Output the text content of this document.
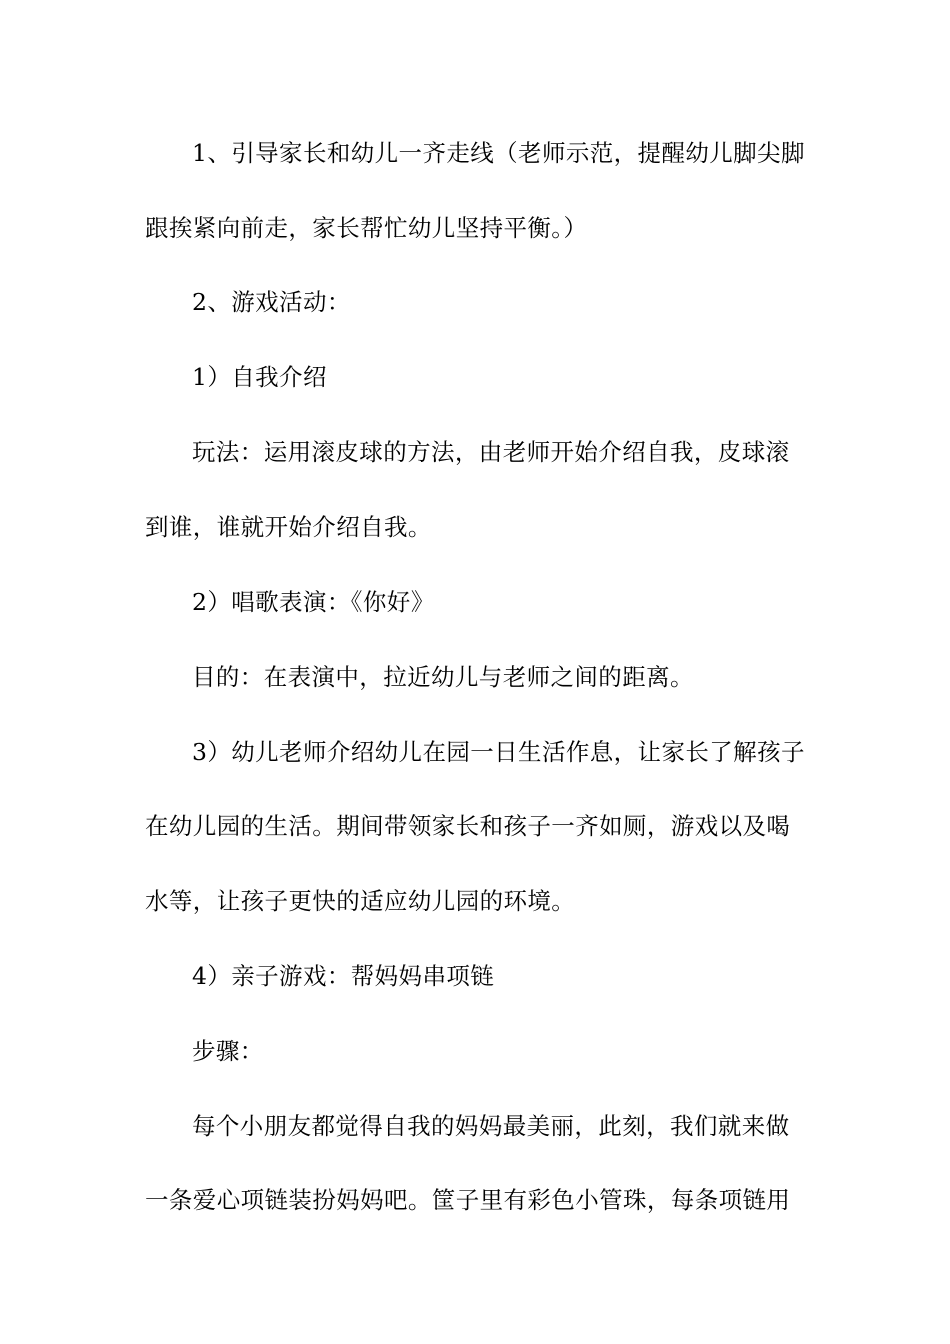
1、引导家长和幼儿一齐走线（老师示范，提醒幼儿脚尖脚
跟挨紧向前走，家长帮忙幼儿坚持平衡。）
2、游戏活动：
1）自我介绍
玩法：运用滚皮球的方法，由老师开始介绍自我，皮球滚
到谁，谁就开始介绍自我。
2）唱歌表演：《你好》
目的：在表演中，拉近幼儿与老师之间的距离。
3）幼儿老师介绍幼儿在园一日生活作息，让家长了解孩子
在幼儿园的生活。期间带领家长和孩子一齐如厕，游戏以及喝
水等，让孩子更快的适应幼儿园的环境。
4）亲子游戏：帮妈妈串项链
步骤：
每个小朋友都觉得自我的妈妈最美丽，此刻，我们就来做
一条爱心项链装扮妈妈吧。筐子里有彩色小管珠，每条项链用
